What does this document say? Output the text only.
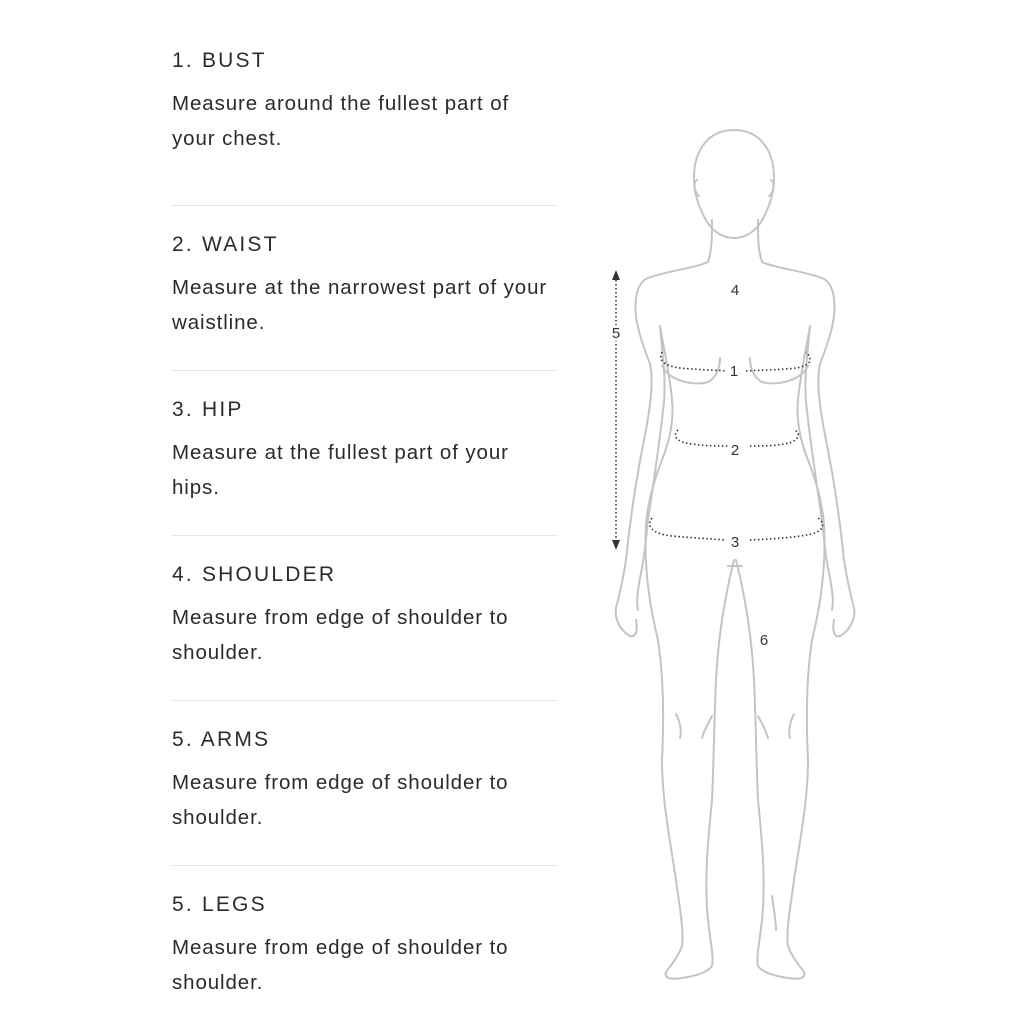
1. BUST

Measure around the fullest part of your chest.

2. WAIST

Measure at the narrowest part of your waistline.

3. HIP

Measure at the fullest part of your hips.

4. SHOULDER

Measure from edge of shoulder to shoulder.

5. ARMS

Measure from edge of shoulder to shoulder.

5. LEGS

Measure from edge of shoulder to shoulder.

1
2
3
4
5
6
